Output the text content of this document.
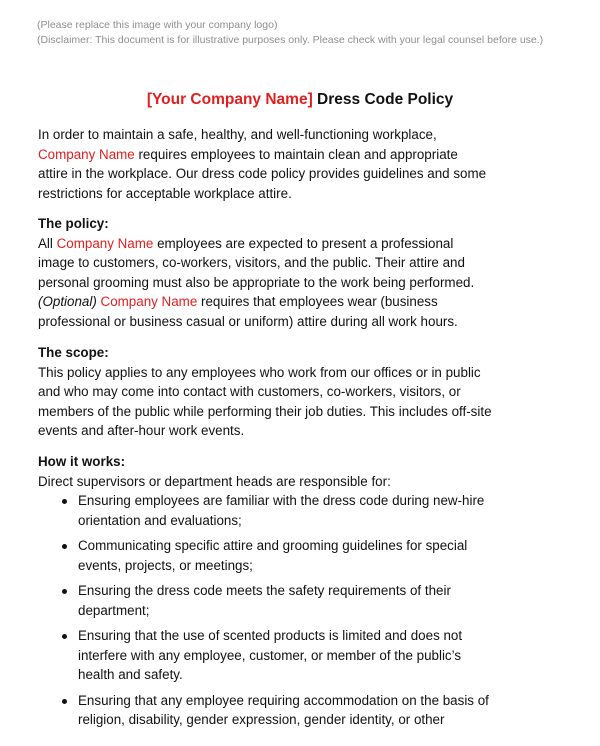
(Please replace this image with your company logo)
(Disclaimer: This document is for illustrative purposes only. Please check with your legal counsel before use.)
[Your Company Name] Dress Code Policy
In order to maintain a safe, healthy, and well-functioning workplace,
Company Name requires employees to maintain clean and appropriate
attire in the workplace. Our dress code policy provides guidelines and some
restrictions for acceptable workplace attire.
The policy:
All Company Name employees are expected to present a professional
image to customers, co-workers, visitors, and the public. Their attire and
personal grooming must also be appropriate to the work being performed.
(Optional) Company Name requires that employees wear (business
professional or business casual or uniform) attire during all work hours.
The scope:
This policy applies to any employees who work from our offices or in public
and who may come into contact with customers, co-workers, visitors, or
members of the public while performing their job duties. This includes off-site
events and after-hour work events.
How it works:
Direct supervisors or department heads are responsible for:
Ensuring employees are familiar with the dress code during new-hire
orientation and evaluations;
Communicating specific attire and grooming guidelines for special
events, projects, or meetings;
Ensuring the dress code meets the safety requirements of their
department;
Ensuring that the use of scented products is limited and does not
interfere with any employee, customer, or member of the public’s
health and safety.
Ensuring that any employee requiring accommodation on the basis of
religion, disability, gender expression, gender identity, or other
